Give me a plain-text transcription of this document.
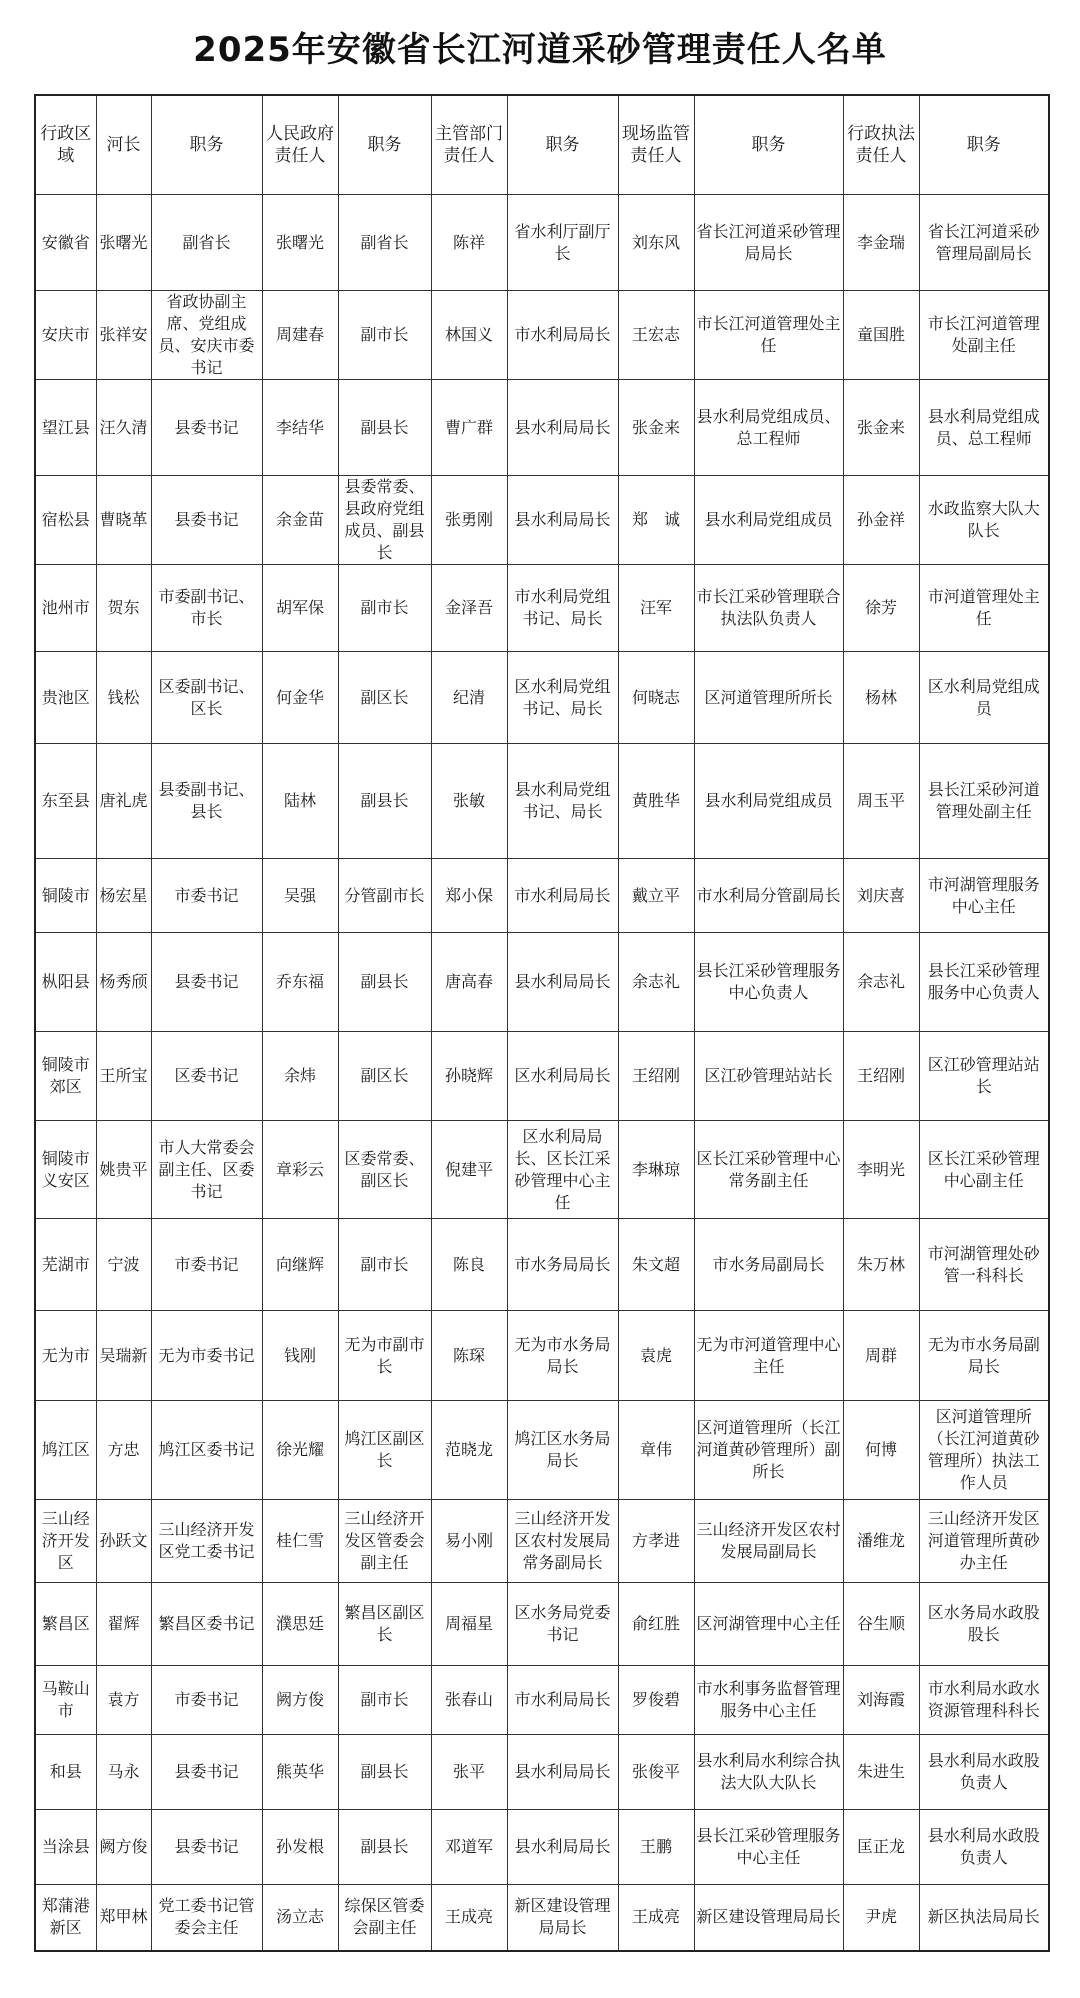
2025年安徽省长江河道采砂管理责任人名单
行政区域	河长	职务	人民政府责任人	职务	主管部门责任人	职务	现场监管责任人	职务	行政执法责任人	职务
安徽省	张曙光	副省长	张曙光	副省长	陈祥	省水利厅副厅长	刘东风	省长江河道采砂管理局局长	李金瑞	省长江河道采砂管理局副局长
安庆市	张祥安	省政协副主席、党组成员、安庆市委书记	周建春	副市长	林国义	市水利局局长	王宏志	市长江河道管理处主任	童国胜	市长江河道管理处副主任
望江县	汪久清	县委书记	李结华	副县长	曹广群	县水利局局长	张金来	县水利局党组成员、总工程师	张金来	县水利局党组成员、总工程师
宿松县	曹晓革	县委书记	余金苗	县委常委、县政府党组成员、副县长	张勇刚	县水利局局长	郑　诚	县水利局党组成员	孙金祥	水政监察大队大队长
池州市	贺东	市委副书记、市长	胡军保	副市长	金泽吾	市水利局党组书记、局长	汪军	市长江采砂管理联合执法队负责人	徐芳	市河道管理处主任
贵池区	钱松	区委副书记、区长	何金华	副区长	纪清	区水利局党组书记、局长	何晓志	区河道管理所所长	杨林	区水利局党组成员
东至县	唐礼虎	县委副书记、县长	陆林	副县长	张敏	县水利局党组书记、局长	黄胜华	县水利局党组成员	周玉平	县长江采砂河道管理处副主任
铜陵市	杨宏星	市委书记	吴强	分管副市长	郑小保	市水利局局长	戴立平	市水利局分管副局长	刘庆喜	市河湖管理服务中心主任
枞阳县	杨秀颀	县委书记	乔东福	副县长	唐高春	县水利局局长	余志礼	县长江采砂管理服务中心负责人	余志礼	县长江采砂管理服务中心负责人
铜陵市郊区	王所宝	区委书记	余炜	副区长	孙晓辉	区水利局局长	王绍刚	区江砂管理站站长	王绍刚	区江砂管理站站长
铜陵市义安区	姚贵平	市人大常委会副主任、区委书记	章彩云	区委常委、副区长	倪建平	区水利局局长、区长江采砂管理中心主任	李琳琼	区长江采砂管理中心常务副主任	李明光	区长江采砂管理中心副主任
芜湖市	宁波	市委书记	向继辉	副市长	陈良	市水务局局长	朱文超	市水务局副局长	朱万林	市河湖管理处砂管一科科长
无为市	吴瑞新	无为市委书记	钱刚	无为市副市长	陈琛	无为市水务局局长	袁虎	无为市河道管理中心主任	周群	无为市水务局副局长
鸠江区	方忠	鸠江区委书记	徐光耀	鸠江区副区长	范晓龙	鸠江区水务局局长	章伟	区河道管理所（长江河道黄砂管理所）副所长	何博	区河道管理所（长江河道黄砂管理所）执法工作人员
三山经济开发区	孙跃文	三山经济开发区党工委书记	桂仁雪	三山经济开发区管委会副主任	易小刚	三山经济开发区农村发展局常务副局长	方孝进	三山经济开发区农村发展局副局长	潘维龙	三山经济开发区河道管理所黄砂办主任
繁昌区	翟辉	繁昌区委书记	濮思廷	繁昌区副区长	周福星	区水务局党委书记	俞红胜	区河湖管理中心主任	谷生顺	区水务局水政股股长
马鞍山市	袁方	市委书记	阙方俊	副市长	张春山	市水利局局长	罗俊碧	市水利事务监督管理服务中心主任	刘海霞	市水利局水政水资源管理科科长
和县	马永	县委书记	熊英华	副县长	张平	县水利局局长	张俊平	县水利局水利综合执法大队大队长	朱进生	县水利局水政股负责人
当涂县	阙方俊	县委书记	孙发根	副县长	邓道军	县水利局局长	王鹏	县长江采砂管理服务中心主任	匡正龙	县水利局水政股负责人
郑蒲港新区	郑甲林	党工委书记管委会主任	汤立志	综保区管委会副主任	王成亮	新区建设管理局局长	王成亮	新区建设管理局局长	尹虎	新区执法局局长
